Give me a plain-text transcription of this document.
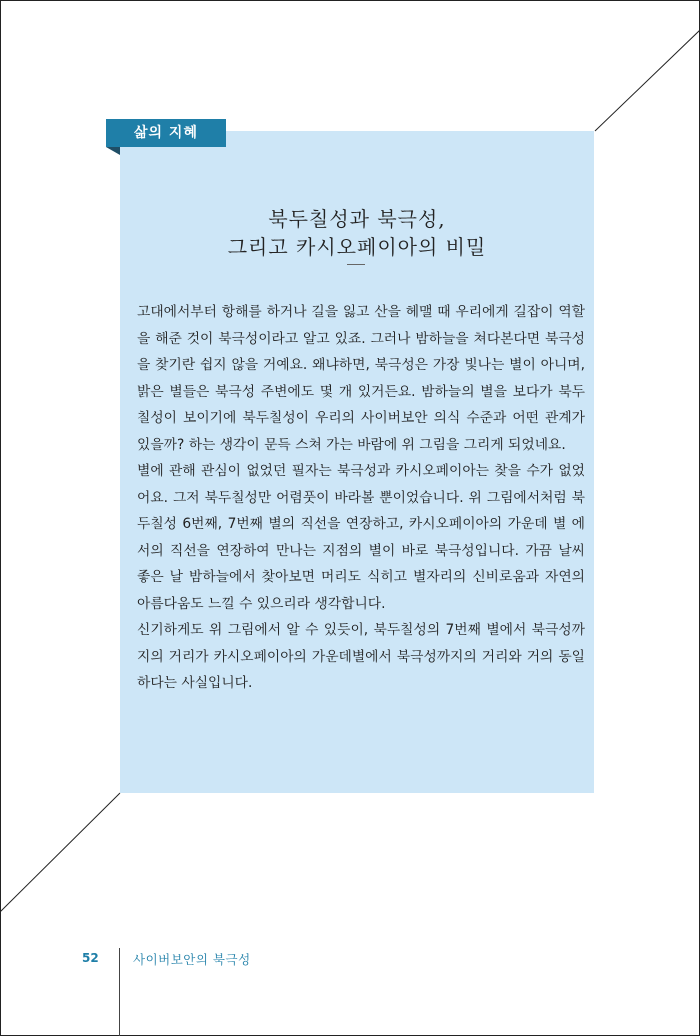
삶의 지혜
북두칠성과 북극성,
그리고 카시오페이아의 비밀

고대에서부터 항해를 하거나 길을 잃고 산을 헤맬 때 우리에게 길잡이 역할을 해준 것이 북극성이라고 알고 있죠. 그러나 밤하늘을 쳐다본다면 북극성을 찾기란 쉽지 않을 거예요. 왜냐하면, 북극성은 가장 빛나는 별이 아니며, 밝은 별들은 북극성 주변에도 몇 개 있거든요. 밤하늘의 별을 보다가 북두칠성이 보이기에 북두칠성이 우리의 사이버보안 의식 수준과 어떤 관계가 있을까? 하는 생각이 문득 스쳐 가는 바람에 위 그림을 그리게 되었네요.

별에 관해 관심이 없었던 필자는 북극성과 카시오페이아는 찾을 수가 없었어요. 그저 북두칠성만 어렴풋이 바라볼 뿐이었습니다. 위 그림에서처럼 북두칠성 6번째, 7번째 별의 직선을 연장하고, 카시오페이아의 가운데 별 에서의 직선을 연장하여 만나는 지점의 별이 바로 북극성입니다. 가끔 날씨 좋은 날 밤하늘에서 찾아보면 머리도 식히고 별자리의 신비로움과 자연의 아름다움도 느낄 수 있으리라 생각합니다.

신기하게도 위 그림에서 알 수 있듯이, 북두칠성의 7번째 별에서 북극성까지의 거리가 카시오페이아의 가운데별에서 북극성까지의 거리와 거의 동일하다는 사실입니다.

52	사이버보안의 북극성
